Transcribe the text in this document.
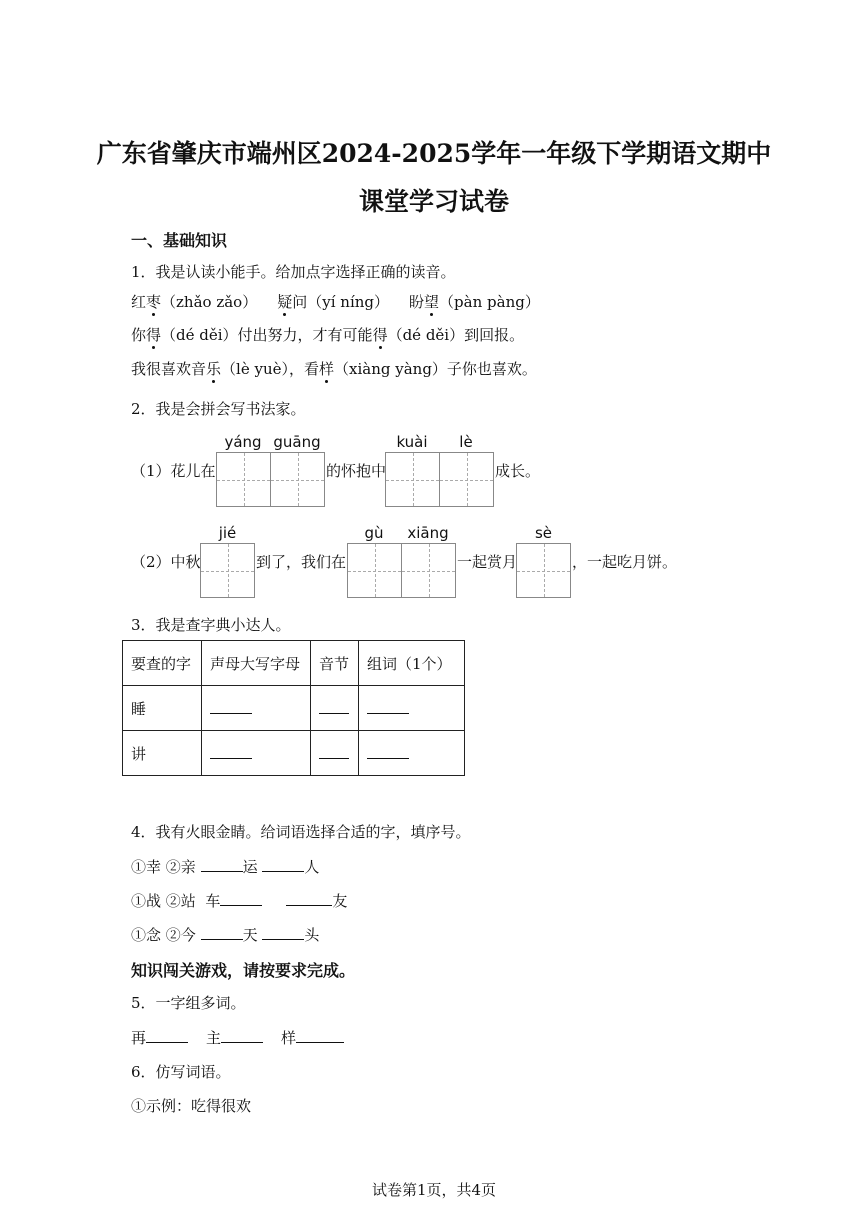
广东省肇庆市端州区2024-2025学年一年级下学期语文期中
课堂学习试卷
一、基础知识
1．我是认读小能手。给加点字选择正确的读音。
红枣（zhǎo zǎo） 疑问（yí níng） 盼望（pàn pàng）
你得（dé děi）付出努力，才有可能得（dé děi）到回报。
我很喜欢音乐（lè yuè），看样（xiàng yàng）子你也喜欢。
2．我是会拼会写书法家。
yáng guāng	kuài	lè
（1）花儿在	的怀抱中	成长。
jié	gù	xiāng	sè
（2）中秋	到了，我们在	一起赏月	，一起吃月饼。
3．我是查字典小达人。
要查的字	声母大写字母	音节	组词（1个）
睡			
讲			
4．我有火眼金睛。给词语选择合适的字，填序号。
①幸 ②亲	运	人
①战 ②站 车	友
①念 ②今	天	头
知识闯关游戏，请按要求完成。
5．一字组多词。
再	主	样
6．仿写词语。
①示例：吃得很欢
试卷第1页，共4页
